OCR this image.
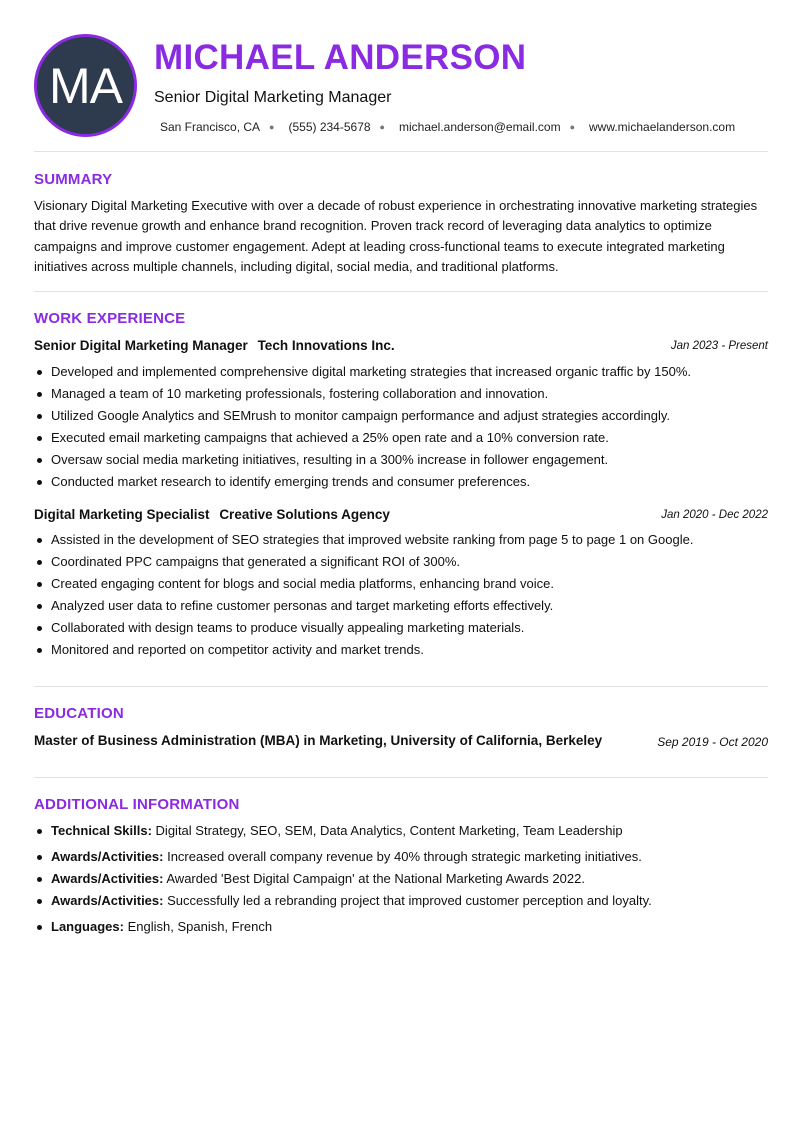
MA MICHAEL ANDERSON
Senior Digital Marketing Manager
San Francisco, CA ● (555) 234-5678 ● michael.anderson@email.com ● www.michaelanderson.com
SUMMARY
Visionary Digital Marketing Executive with over a decade of robust experience in orchestrating innovative marketing strategies that drive revenue growth and enhance brand recognition. Proven track record of leveraging data analytics to optimize campaigns and improve customer engagement. Adept at leading cross-functional teams to execute integrated marketing initiatives across multiple channels, including digital, social media, and traditional platforms.
WORK EXPERIENCE
Senior Digital Marketing Manager Tech Innovations Inc.	Jan 2023 - Present
Developed and implemented comprehensive digital marketing strategies that increased organic traffic by 150%.
Managed a team of 10 marketing professionals, fostering collaboration and innovation.
Utilized Google Analytics and SEMrush to monitor campaign performance and adjust strategies accordingly.
Executed email marketing campaigns that achieved a 25% open rate and a 10% conversion rate.
Oversaw social media marketing initiatives, resulting in a 300% increase in follower engagement.
Conducted market research to identify emerging trends and consumer preferences.
Digital Marketing Specialist Creative Solutions Agency	Jan 2020 - Dec 2022
Assisted in the development of SEO strategies that improved website ranking from page 5 to page 1 on Google.
Coordinated PPC campaigns that generated a significant ROI of 300%.
Created engaging content for blogs and social media platforms, enhancing brand voice.
Analyzed user data to refine customer personas and target marketing efforts effectively.
Collaborated with design teams to produce visually appealing marketing materials.
Monitored and reported on competitor activity and market trends.
EDUCATION
Master of Business Administration (MBA) in Marketing, University of California, Berkeley	Sep 2019 - Oct 2020
ADDITIONAL INFORMATION
Technical Skills: Digital Strategy, SEO, SEM, Data Analytics, Content Marketing, Team Leadership
Awards/Activities: Increased overall company revenue by 40% through strategic marketing initiatives.
Awards/Activities: Awarded 'Best Digital Campaign' at the National Marketing Awards 2022.
Awards/Activities: Successfully led a rebranding project that improved customer perception and loyalty.
Languages: English, Spanish, French
